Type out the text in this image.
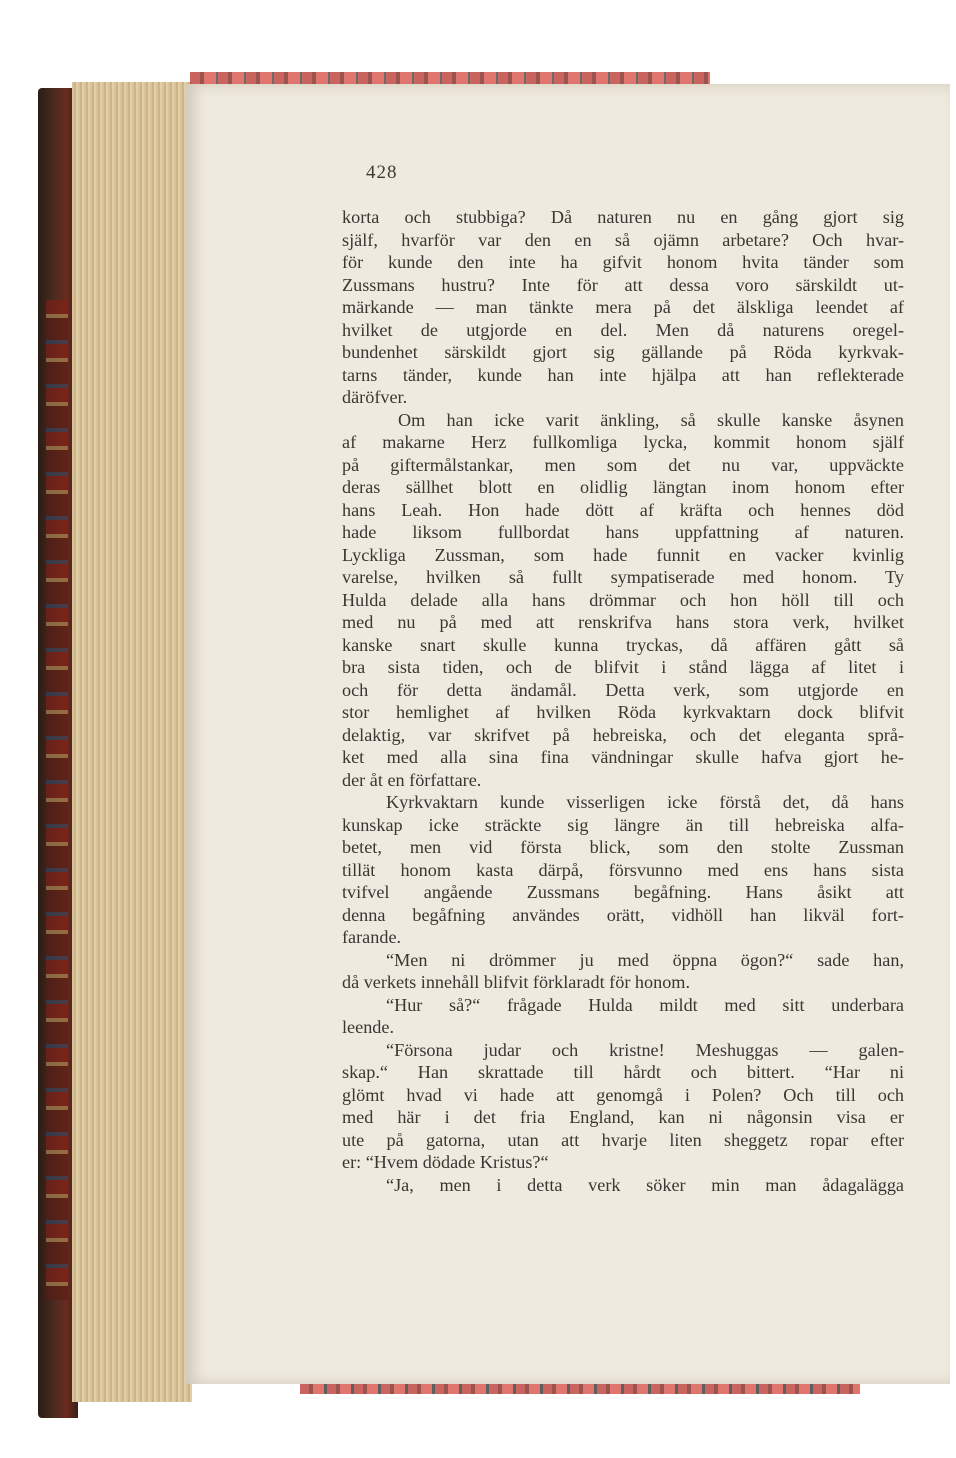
428
korta och stubbiga? Då naturen nu en gång gjort sig
själf, hvarför var den en så ojämn arbetare? Och hvar-
för kunde den inte ha gifvit honom hvita tänder som
Zussmans hustru? Inte för att dessa voro särskildt ut-
märkande — man tänkte mera på det älskliga leendet af
hvilket de utgjorde en del. Men då naturens oregel-
bundenhet särskildt gjort sig gällande på Röda kyrkvak-
tarns tänder, kunde han inte hjälpa att han reflekterade
däröfver.
Om han icke varit änkling, så skulle kanske åsynen
af makarne Herz fullkomliga lycka, kommit honom själf
på giftermålstankar, men som det nu var, uppväckte
deras sällhet blott en olidlig längtan inom honom efter
hans Leah. Hon hade dött af kräfta och hennes död
hade liksom fullbordat hans uppfattning af naturen.
Lyckliga Zussman, som hade funnit en vacker kvinlig
varelse, hvilken så fullt sympatiserade med honom. Ty
Hulda delade alla hans drömmar och hon höll till och
med nu på med att renskrifva hans stora verk, hvilket
kanske snart skulle kunna tryckas, då affären gått så
bra sista tiden, och de blifvit i stånd lägga af litet i
och för detta ändamål. Detta verk, som utgjorde en
stor hemlighet af hvilken Röda kyrkvaktarn dock blifvit
delaktig, var skrifvet på hebreiska, och det eleganta språ-
ket med alla sina fina vändningar skulle hafva gjort he-
der åt en författare.
Kyrkvaktarn kunde visserligen icke förstå det, då hans
kunskap icke sträckte sig längre än till hebreiska alfa-
betet, men vid första blick, som den stolte Zussman
tillät honom kasta därpå, försvunno med ens hans sista
tvifvel angående Zussmans begåfning. Hans åsikt att
denna begåfning användes orätt, vidhöll han likväl fort-
farande.
“Men ni drömmer ju med öppna ögon?“ sade han,
då verkets innehåll blifvit förklaradt för honom.
“Hur så?“ frågade Hulda mildt med sitt underbara
leende.
“Försona judar och kristne! Meshuggas — galen-
skap.“ Han skrattade till hårdt och bittert. “Har ni
glömt hvad vi hade att genomgå i Polen? Och till och
med här i det fria England, kan ni någonsin visa er
ute på gatorna, utan att hvarje liten sheggetz ropar efter
er: “Hvem dödade Kristus?“
“Ja, men i detta verk söker min man ådagalägga
